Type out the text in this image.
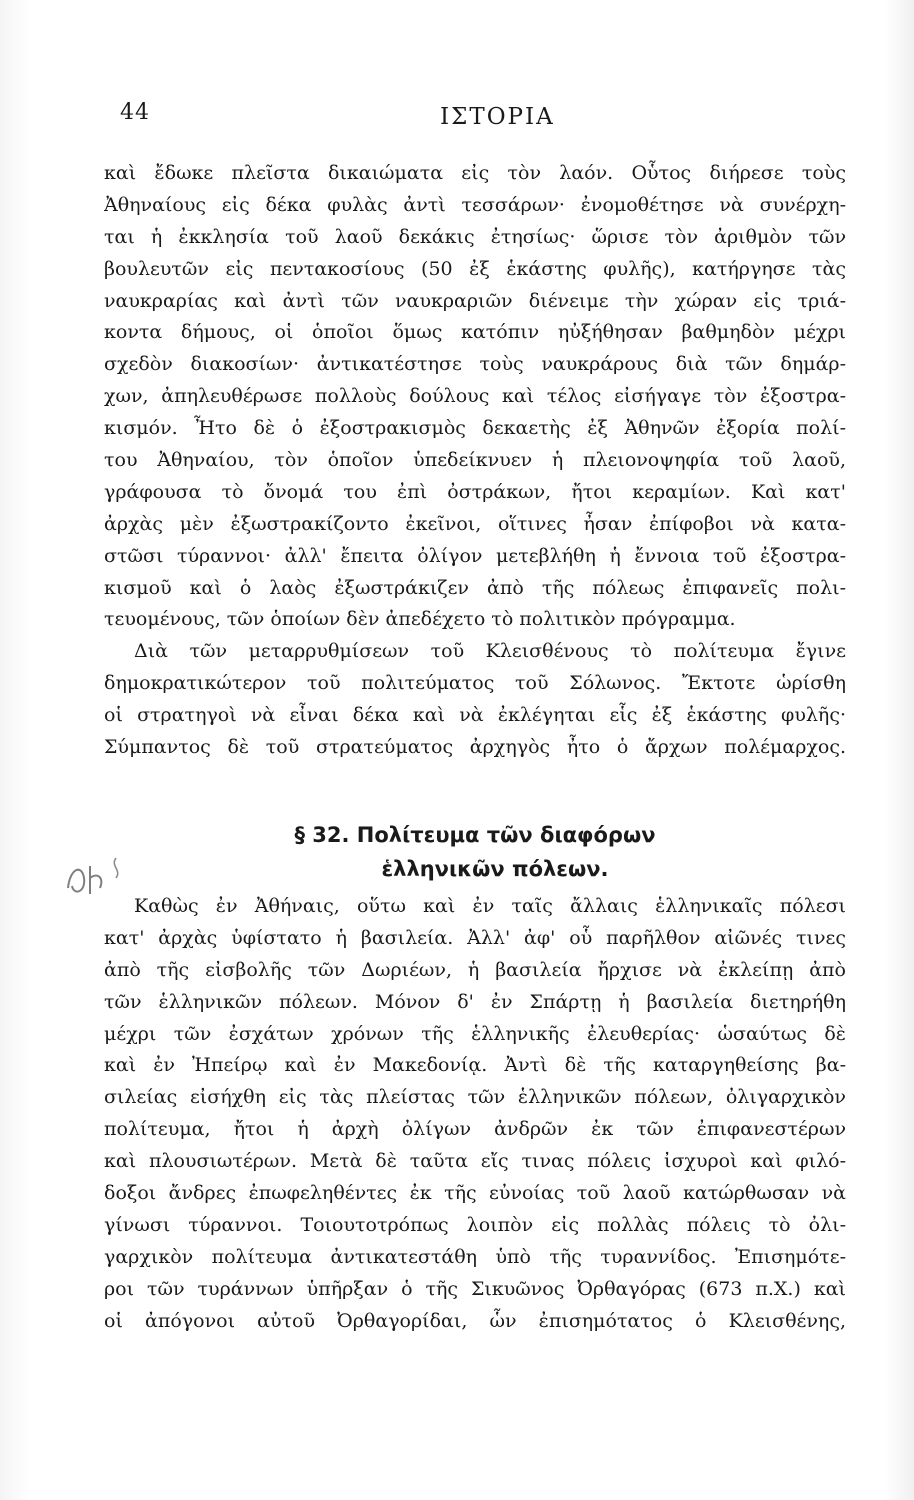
44	ΙΣΤΟΡΙΑ
καὶ ἔδωκε πλεῖστα δικαιώματα εἰς τὸν λαόν. Οὗτος διήρεσε τοὺς
Ἀθηναίους εἰς δέκα φυλὰς ἀντὶ τεσσάρων· ἐνομοθέτησε νὰ συνέρχη-
ται ἡ ἐκκλησία τοῦ λαοῦ δεκάκις ἐτησίως· ὥρισε τὸν ἀριθμὸν τῶν
βουλευτῶν εἰς πεντακοσίους (50 ἐξ ἑκάστης φυλῆς), κατήργησε τὰς
ναυκραρίας καὶ ἀντὶ τῶν ναυκραριῶν διένειμε τὴν χώραν εἰς τριά-
κοντα δήμους, οἱ ὁποῖοι ὅμως κατόπιν ηὐξήθησαν βαθμηδὸν μέχρι
σχεδὸν διακοσίων· ἀντικατέστησε τοὺς ναυκράρους διὰ τῶν δημάρ-
χων, ἀπηλευθέρωσε πολλοὺς δούλους καὶ τέλος εἰσήγαγε τὸν ἐξοστρα-
κισμόν. Ἦτο δὲ ὁ ἐξοστρακισμὸς δεκαετὴς ἐξ Ἀθηνῶν ἐξορία πολί-
του Ἀθηναίου, τὸν ὁποῖον ὑπεδείκνυεν ἡ πλειονοψηφία τοῦ λαοῦ,
γράφουσα τὸ ὄνομά του ἐπὶ ὀστράκων, ἤτοι κεραμίων. Καὶ κατ'
ἀρχὰς μὲν ἐξωστρακίζοντο ἐκεῖνοι, οἵτινες ἦσαν ἐπίφοβοι νὰ κατα-
στῶσι τύραννοι· ἀλλ' ἔπειτα ὀλίγον μετεβλήθη ἡ ἔννοια τοῦ ἐξοστρα-
κισμοῦ καὶ ὁ λαὸς ἐξωστράκιζεν ἀπὸ τῆς πόλεως ἐπιφανεῖς πολι-
τευομένους, τῶν ὁποίων δὲν ἀπεδέχετο τὸ πολιτικὸν πρόγραμμα.
Διὰ τῶν μεταρρυθμίσεων τοῦ Κλεισθένους τὸ πολίτευμα ἔγινε
δημοκρατικώτερον τοῦ πολιτεύματος τοῦ Σόλωνος. Ἔκτοτε ὡρίσθη
οἱ στρατηγοὶ νὰ εἶναι δέκα καὶ νὰ ἐκλέγηται εἷς ἐξ ἑκάστης φυλῆς·
Σύμπαντος δὲ τοῦ στρατεύματος ἀρχηγὸς ἦτο ὁ ἄρχων πολέμαρχος.
§ 32. Πολίτευμα τῶν διαφόρων
ἑλληνικῶν πόλεων.
Καθὼς ἐν Ἀθήναις, οὕτω καὶ ἐν ταῖς ἄλλαις ἑλληνικαῖς πόλεσι
κατ' ἀρχὰς ὑφίστατο ἡ βασιλεία. Ἀλλ' ἀφ' οὗ παρῆλθον αἰῶνές τινες
ἀπὸ τῆς εἰσβολῆς τῶν Δωριέων, ἡ βασιλεία ἤρχισε νὰ ἐκλείπῃ ἀπὸ
τῶν ἑλληνικῶν πόλεων. Μόνον δ' ἐν Σπάρτῃ ἡ βασιλεία διετηρήθη
μέχρι τῶν ἐσχάτων χρόνων τῆς ἑλληνικῆς ἐλευθερίας· ὡσαύτως δὲ
καὶ ἐν Ἠπείρῳ καὶ ἐν Μακεδονίᾳ. Ἀντὶ δὲ τῆς καταργηθείσης βα-
σιλείας εἰσήχθη εἰς τὰς πλείστας τῶν ἑλληνικῶν πόλεων, ὀλιγαρχικὸν
πολίτευμα, ἤτοι ἡ ἀρχὴ ὀλίγων ἀνδρῶν ἐκ τῶν ἐπιφανεστέρων
καὶ πλουσιωτέρων. Μετὰ δὲ ταῦτα εἴς τινας πόλεις ἰσχυροὶ καὶ φιλό-
δοξοι ἄνδρες ἐπωφεληθέντες ἐκ τῆς εὐνοίας τοῦ λαοῦ κατώρθωσαν νὰ
γίνωσι τύραννοι. Τοιουτοτρόπως λοιπὸν εἰς πολλὰς πόλεις τὸ ὀλι-
γαρχικὸν πολίτευμα ἀντικατεστάθη ὑπὸ τῆς τυραννίδος. Ἐπισημότε-
ροι τῶν τυράννων ὑπῆρξαν ὁ τῆς Σικυῶνος Ὀρθαγόρας (673 π.Χ.) καὶ
οἱ ἀπόγονοι αὐτοῦ Ὀρθαγορίδαι, ὧν ἐπισημότατος ὁ Κλεισθένης,
